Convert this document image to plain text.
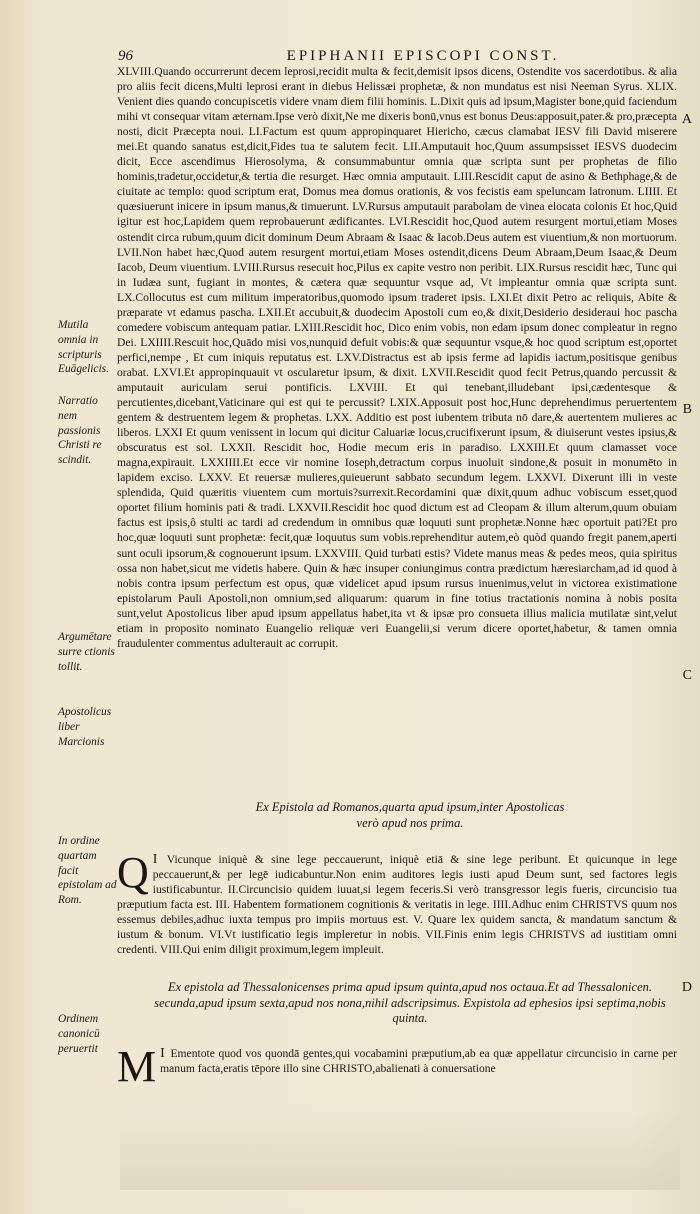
96	EPIPHANII EPISCOPI CONST.

XLVIII.Quando occurrerunt decem leprosi,recidit multa & fecit,demisit ipsos dicens, Ostendite vos sacerdotibus. & alia pro aliis fecit dicens,Multi leprosi erant in diebus Helissæi prophetæ, & non mundatus est nisi Neeman Syrus. XLIX. Venient dies quando concupiscetis videre vnam diem filii hominis. L.Dixit quis ad ipsum,Magister bone,quid faciendum mihi vt consequar vitam æternam.Ipse verò dixit,Ne me dixeris bonū,vnus est bonus Deus:apposuit,pater.& pro,præcepta nosti, dicit Præcepta noui. LI.Factum est quum appropinquaret Hiericho, cæcus clamabat IESV fili David miserere mei.Et quando sanatus est,dicit,Fides tua te salutem fecit. LII.Amputauit hoc,Quum assumpsisset IESVS duodecim dicit, Ecce ascendimus Hierosolyma, & consummabuntur omnia quæ scripta sunt per prophetas de filio hominis,tradetur,occidetur,& tertia die resurget. Hæc omnia amputauit. LIII.Rescidit caput de asino & Bethphage,& de ciuitate ac templo: quod scriptum erat, Domus mea domus orationis, & vos fecistis eam speluncam latronum. LIIII. Et quæsiuerunt inicere in ipsum manus,& timuerunt. LV.Rursus amputauit parabolam de vinea elocata colonis Et hoc,Quid igitur est hoc,Lapidem quem reprobauerunt ædificantes. LVI.Rescidit hoc,Quod autem resurgent mortui,etiam Moses ostendit circa rubum,quum dicit dominum Deum Abraam & Isaac & Iacob.Deus autem est viuentium,& non mortuorum. LVII.Non habet hæc,Quod autem resurgent mortui,etiam Moses ostendit,dicens Deum Abraam,Deum Isaac,& Deum Iacob, Deum viuentium. LVIII.Rursus resecuit hoc,Pilus ex capite vestro non peribit. LIX.Rursus rescidit hæc, Tunc qui in Iudæa sunt, fugiant in montes, & cætera quæ sequuntur vsque ad, Vt impleantur omnia quæ scripta sunt. LX.Collocutus est cum militum imperatoribus,quomodo ipsum traderet ipsis. LXI.Et dixit Petro ac reliquis, Abite & præparate vt edamus pascha. LXII.Et accubuit,& duodecim Apostoli cum eo,& dixit,Desiderio desideraui hoc pascha comedere vobiscum antequam patiar. LXIII.Rescidit hoc, Dico enim vobis, non edam ipsum donec compleatur in regno Dei. LXIIII.Rescuit hoc,Quādo misi vos,nunquid defuit vobis:& quæ sequuntur vsque,& hoc quod scriptum est,oportet perfici,nempe , Et cum iniquis reputatus est. LXV.Distractus est ab ipsis ferme ad lapidis iactum,positisque genibus orabat. LXVI.Et appropinquauit vt oscularetur ipsum, & dixit. LXVII.Rescidit quod fecit Petrus,quando percussit & amputauit auriculam serui pontificis. LXVIII. Et qui tenebant,illudebant ipsi,cædentesque & percutientes,dicebant,Vaticinare qui est qui te percussit? LXIX.Apposuit post hoc,Hunc deprehendimus peruertentem gentem & destruentem legem & prophetas. LXX. Additio est post iubentem tributa nō dare,& auertentem mulieres ac liberos. LXXI Et quum venissent in locum qui dicitur Caluariæ locus,crucifixerunt ipsum, & diuiserunt vestes ipsius,& obscuratus est sol. LXXII. Rescidit hoc, Hodie mecum eris in paradiso. LXXIII.Et quum clamasset voce magna,expirauit. LXXIIII.Et ecce vir nomine Ioseph,detractum corpus inuoluit sindone,& posuit in monumēto in lapidem exciso. LXXV. Et reuersæ mulieres,quieuerunt sabbato secundum legem. LXXVI. Dixerunt illi in veste splendida, Quid quæritis viuentem cum mortuis?surrexit.Recordamini quæ dixit,quum adhuc vobiscum esset,quod oportet filium hominis pati & tradi. LXXVII.Rescidit hoc quod dictum est ad Cleopam & illum alterum,quum obuiam factus est ipsis,ô stulti ac tardi ad credendum in omnibus quæ loquuti sunt prophetæ.Nonne hæc oportuit pati?Et pro hoc,quæ loquuti sunt prophetæ: fecit,quæ loquutus sum vobis.reprehenditur autem,eò quòd quando fregit panem,aperti sunt oculi ipsorum,& cognouerunt ipsum. LXXVIII. Quid turbati estis? Videte manus meas & pedes meos, quia spiritus ossa non habet,sicut me videtis habere. Quin & hæc insuper coniungimus contra prædictum hæresiarcham,ad id quod à nobis contra ipsum perfectum est opus, quæ videlicet apud ipsum rursus inuenimus,velut in victorea existimatione epistolarum Pauli Apostoli,non omnium,sed aliquarum: quarum in fine totius tractationis nomina à nobis posita sunt,velut Apostolicus liber apud ipsum appellatus habet,ita vt & ipsæ pro consueta illius malicia mutilatæ sint,velut etiam in proposito nominato Euangelio reliquæ veri Euangelii,si verum dicere oportet,habetur, & tamen omnia fraudulenter commentus adulterauit ac corrupit.

Mutila omnia in scripturis Euāgelicis.
Narratio nem passionis Christi re scindit.
Argumētare surre ctionis tollit.
Apostolicus liber Marcionis
In ordine quartam facit epistolam ad Rom.
Ordinem canonicū peruertit
A
B
C
D
Ex Epistola ad Romanos,quarta apud ipsum,inter Apostolicas
verò apud nos prima.
I
Q Vicunque iniquè & sine lege peccauerunt, iniquè etiā & sine lege peribunt. Et quicunque in lege peccauerunt,& per legē iudicabuntur.Non enim auditores legis iusti apud Deum sunt, sed factores legis iustificabuntur. II.Circuncisio quidem iuuat,si legem feceris.Si verò transgressor legis fueris, circuncisio tua præputium facta est. III. Habentem formationem cognitionis & veritatis in lege. IIII.Adhuc enim CHRISTVS quum nos essemus debiles,adhuc iuxta tempus pro impiis mortuus est. V. Quare lex quidem sancta, & mandatum sanctum & iustum & bonum. VI.Vt iustificatio legis impleretur in nobis. VII.Finis enim legis CHRISTVS ad iustitiam omni credenti. VIII.Qui enim diligit proximum,legem impleuit.
Ex epistola ad Thessalonicenses prima apud ipsum quinta,apud nos octaua.Et ad Thessalonicen.
secunda,apud ipsum sexta,apud nos nona,nihil adscripsimus. Expistola ad ephesios ipsi septima,nobis quinta.
I
M Ementote quod vos quondā gentes,qui vocabamini præputium,ab ea quæ appellatur circuncisio in carne per manum facta,eratis tēpore illo sine CHRISTO,abalienati à conuersatione
